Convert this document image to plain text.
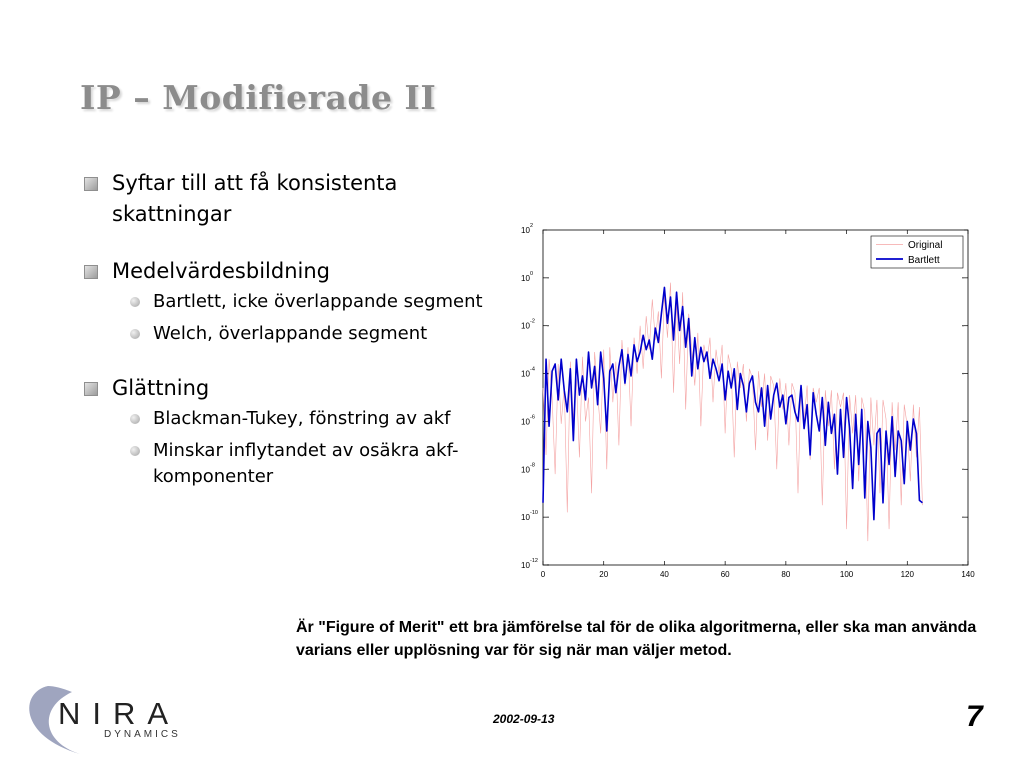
IP – Modifierade II
Syftar till att få konsistenta skattningar
Medelvärdesbildning
Bartlett, icke överlappande segment
Welch, överlappande segment
Glättning
Blackman-Tukey, fönstring av akf
Minskar inflytandet av osäkra akf-komponenter
10 2
10 0
10 -2
10 -4
10 -6
10 -8
10 -10
10 -12
0	20	40	60	80	100	120	140
Original
Bartlett

Är "Figure of Merit" ett bra jämförelse tal för de olika algoritmerna, eller ska man använda varians eller upplösning var för sig när man väljer metod.

NIRA
DYNAMICS
2002-09-13	7
